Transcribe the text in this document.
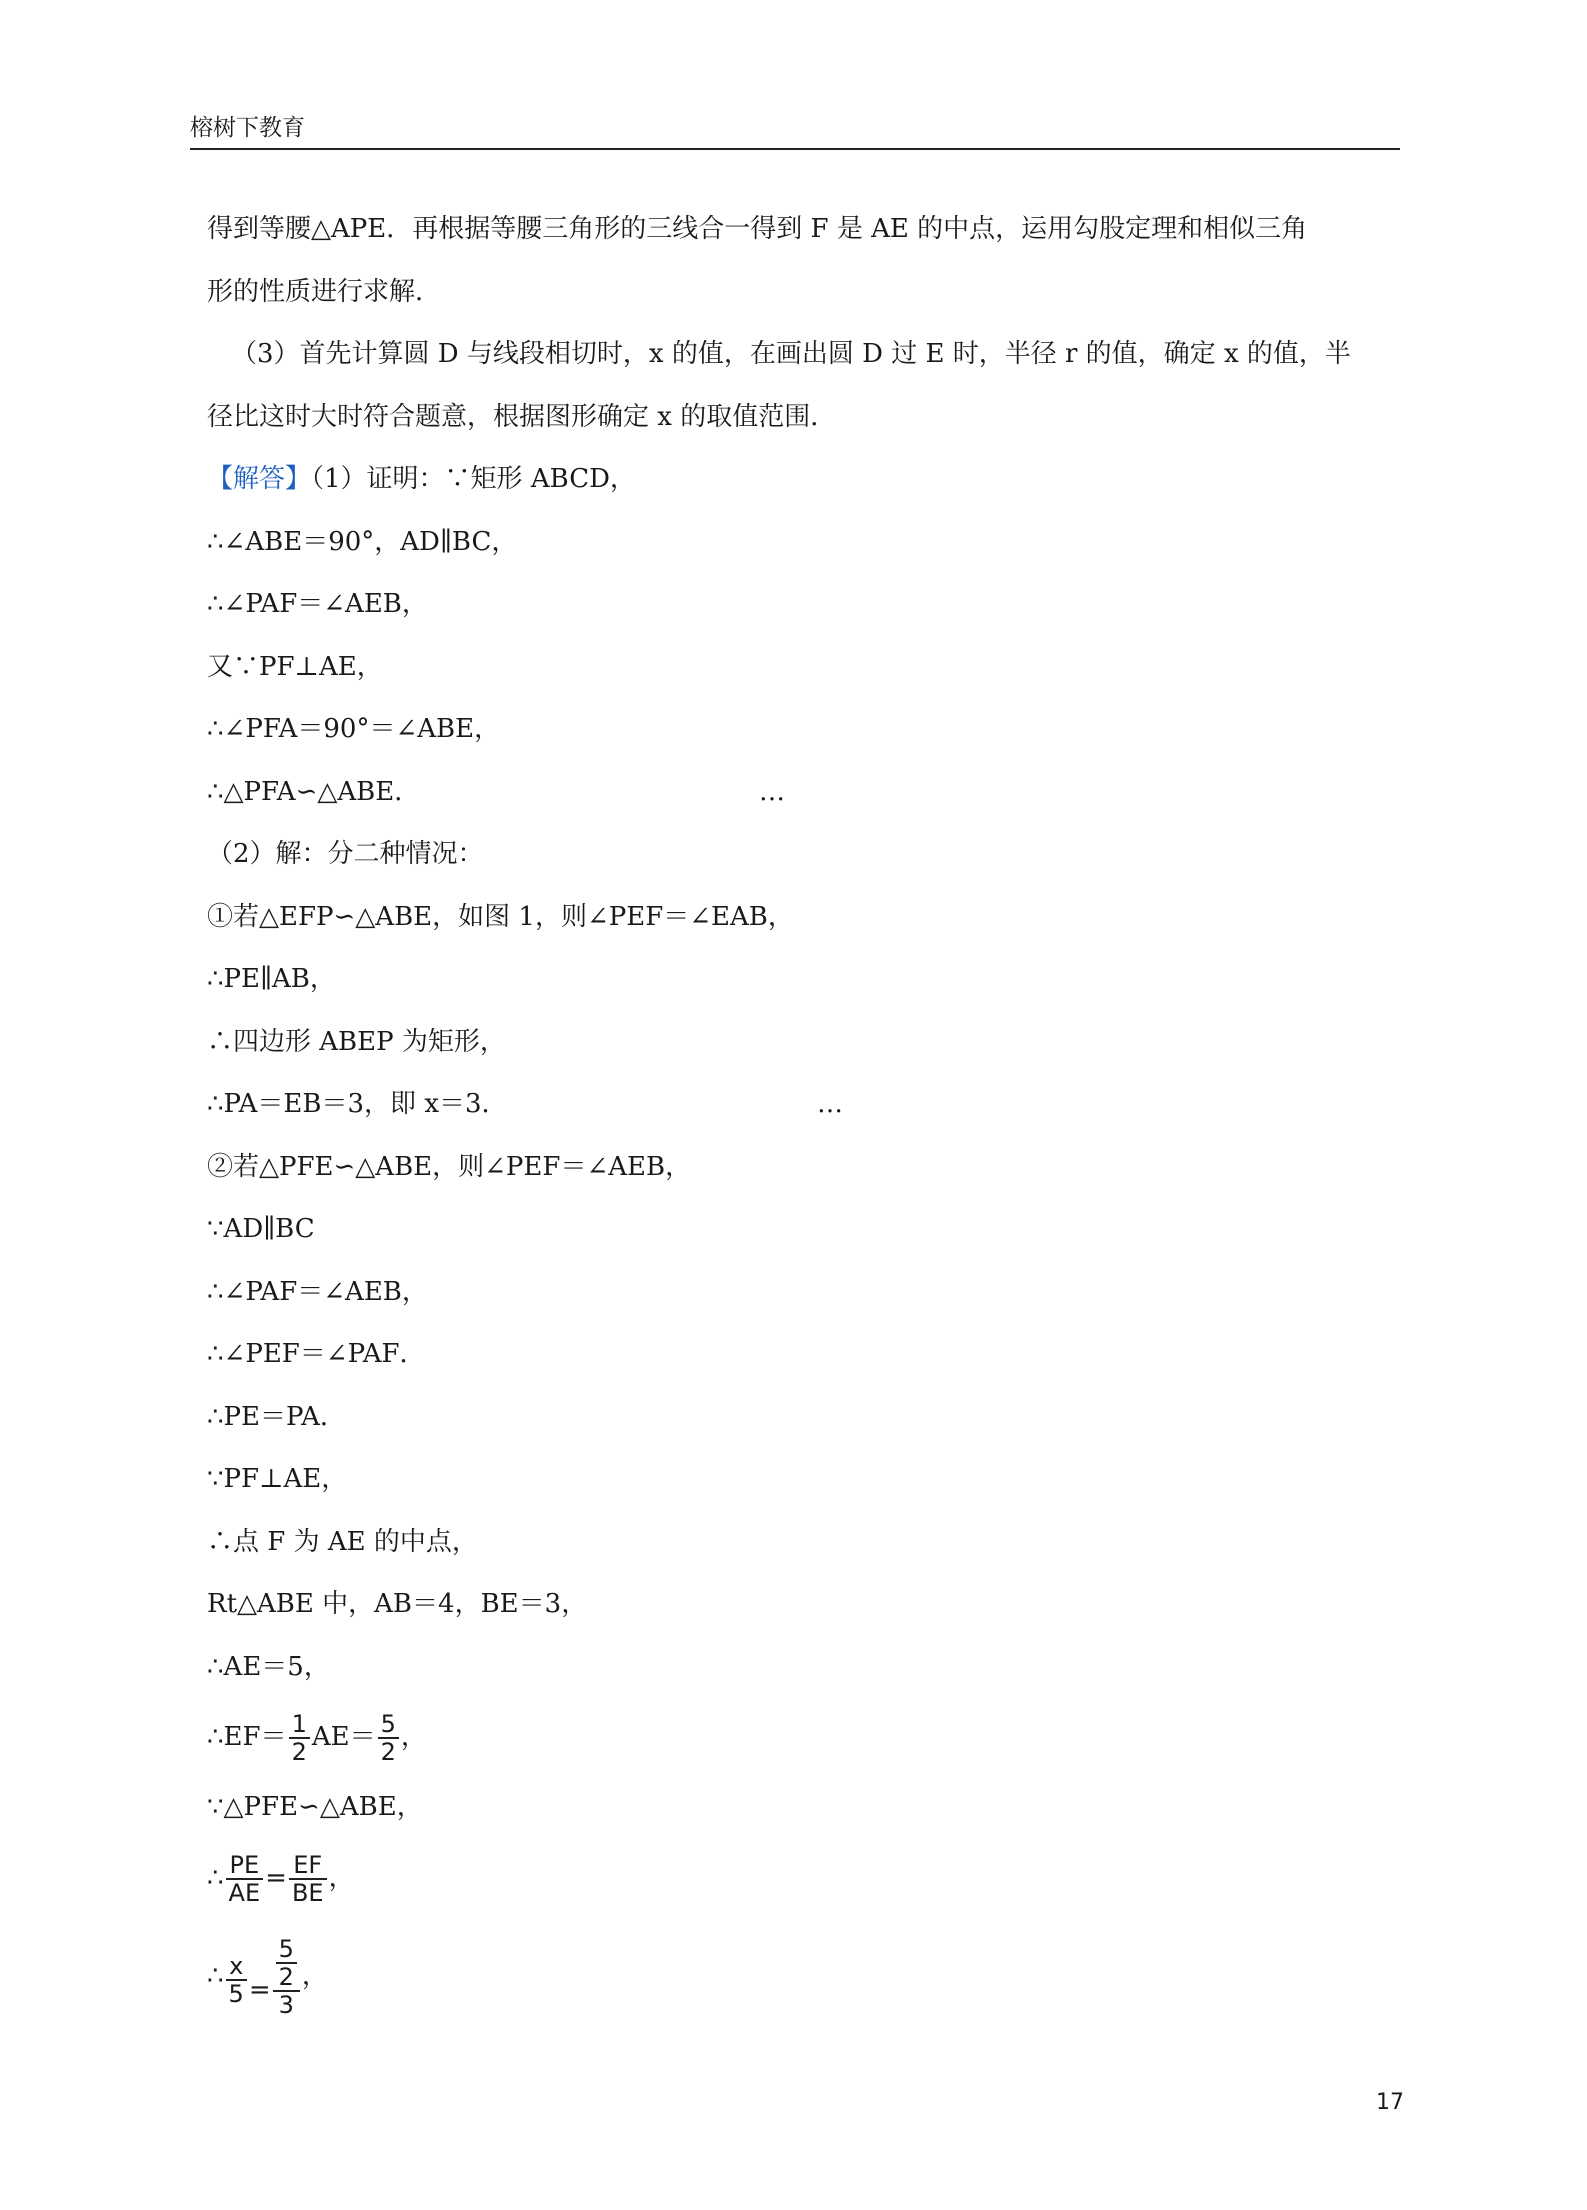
榕树下教育
得到等腰△APE．再根据等腰三角形的三线合一得到 F 是 AE 的中点，运用勾股定理和相似三角
形的性质进行求解．
（3）首先计算圆 D 与线段相切时，x 的值，在画出圆 D 过 E 时，半径 r 的值，确定 x 的值，半
径比这时大时符合题意，根据图形确定 x 的取值范围．
【解答】（1）证明：∵矩形 ABCD，
∴∠ABE＝90°，AD∥BC，
∴∠PAF＝∠AEB，
又∵PF⊥AE，
∴∠PFA＝90°＝∠ABE，
∴△PFA∽△ABE．	…
（2）解：分二种情况：
①若△EFP∽△ABE，如图 1，则∠PEF＝∠EAB，
∴PE∥AB，
∴四边形 ABEP 为矩形，
∴PA＝EB＝3，即 x＝3．	…
②若△PFE∽△ABE，则∠PEF＝∠AEB，
∵AD∥BC
∴∠PAF＝∠AEB，
∴∠PEF＝∠PAF．
∴PE＝PA．
∵PF⊥AE，
∴点 F 为 AE 的中点，
Rt△ABE 中，AB＝4，BE＝3，
∴AE＝5，
∴EF＝ $\frac{1}{2} AE= \frac{5}{2}$ ，
∵△PFE∽△ABE，
∴ $\frac{PE}{AE} = \frac{EF}{BE}$ ，
∴ $\frac{x}{5} = \frac{\frac{5}{2}}{3}$ ，
17
